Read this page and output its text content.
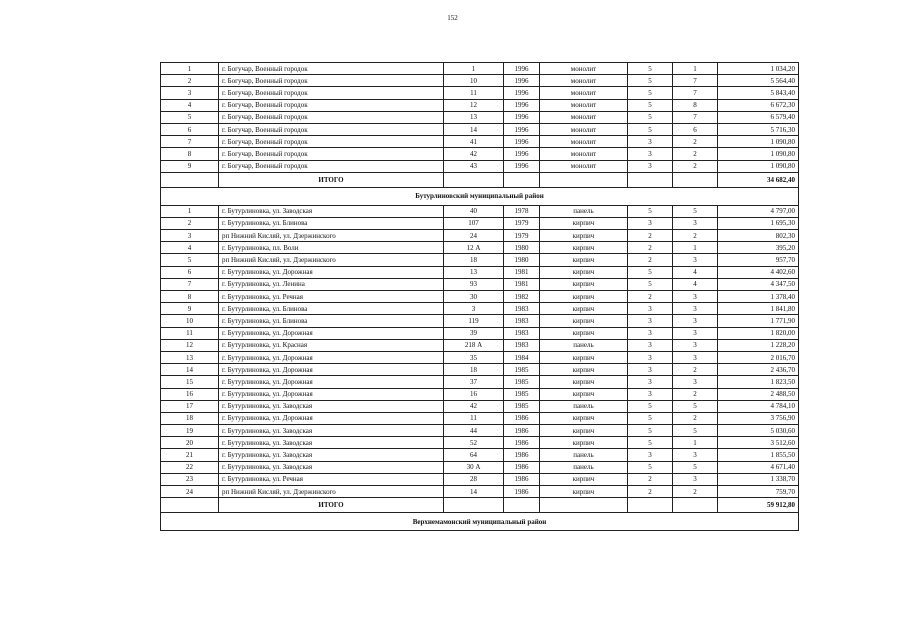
152
1	г. Богучар, Военный городок	1	1996	монолит	5	1	1 034,20
2	г. Богучар, Военный городок	10	1996	монолит	5	7	5 564,40
3	г. Богучар, Военный городок	11	1996	монолит	5	7	5 843,40
4	г. Богучар, Военный городок	12	1996	монолит	5	8	6 672,30
5	г. Богучар, Военный городок	13	1996	монолит	5	7	6 579,40
6	г. Богучар, Военный городок	14	1996	монолит	5	6	5 716,30
7	г. Богучар, Военный городок	41	1996	монолит	3	2	1 090,80
8	г. Богучар, Военный городок	42	1996	монолит	3	2	1 090,80
9	г. Богучар, Военный городок	43	1996	монолит	3	2	1 090,80
	ИТОГО						34 682,40
Бутурлиновский муниципальный район							
1	г. Бутурлиновка, ул. Заводская	40	1978	панель	5	5	4 797,00
2	г. Бутурлиновка, ул. Блинова	107	1979	кирпич	3	3	1 695,30
3	рп Нижний Кисляй, ул. Дзержинского	24	1979	кирпич	2	2	802,30
4	г. Бутурлиновка, пл. Воли	12 А	1980	кирпич	2	1	395,20
5	рп Нижний Кисляй, ул. Дзержинского	18	1980	кирпич	2	3	957,70
6	г. Бутурлиновка, ул. Дорожная	13	1981	кирпич	5	4	4 402,60
7	г. Бутурлиновка, ул. Ленина	93	1981	кирпич	5	4	4 347,50
8	г. Бутурлиновка, ул. Речная	30	1982	кирпич	2	3	1 378,40
9	г. Бутурлиновка, ул. Блинова	3	1983	кирпич	3	3	1 841,80
10	г. Бутурлиновка, ул. Блинова	119	1983	кирпич	3	3	1 771,90
11	г. Бутурлиновка, ул. Дорожная	39	1983	кирпич	3	3	1 820,00
12	г. Бутурлиновка, ул. Красная	218 А	1983	панель	3	3	1 228,20
13	г. Бутурлиновка, ул. Дорожная	35	1984	кирпич	3	3	2 016,70
14	г. Бутурлиновка, ул. Дорожная	18	1985	кирпич	3	2	2 436,70
15	г. Бутурлиновка, ул. Дорожная	37	1985	кирпич	3	3	1 823,50
16	г. Бутурлиновка, ул. Дорожная	16	1985	кирпич	3	2	2 488,50
17	г. Бутурлиновка, ул. Заводская	42	1985	панель	5	5	4 784,10
18	г. Бутурлиновка, ул. Дорожная	11	1986	кирпич	5	2	3 756,90
19	г. Бутурлиновка, ул. Заводская	44	1986	кирпич	5	5	5 030,60
20	г. Бутурлиновка, ул. Заводская	52	1986	кирпич	5	1	3 512,60
21	г. Бутурлиновка, ул. Заводская	64	1986	панель	3	3	1 855,50
22	г. Бутурлиновка, ул. Заводская	30 А	1986	панель	5	5	4 671,40
23	г. Бутурлиновка, ул. Речная	28	1986	кирпич	2	3	1 338,70
24	рп Нижний Кисляй, ул. Дзержинского	14	1986	кирпич	2	2	759,70
	ИТОГО						59 912,80
Верхнемамонский муниципальный район							
